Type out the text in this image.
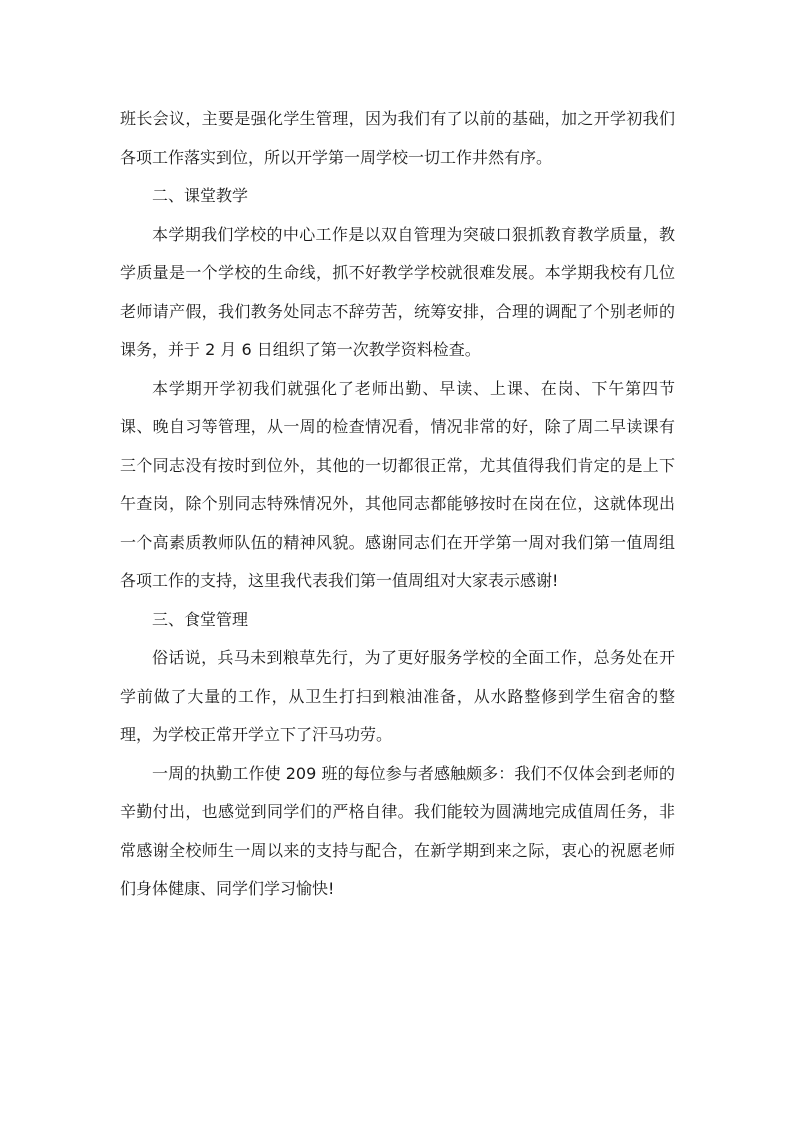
班长会议，主要是强化学生管理，因为我们有了以前的基础，加之开学初我们各项工作落实到位，所以开学第一周学校一切工作井然有序。

二、课堂教学

本学期我们学校的中心工作是以双自管理为突破口狠抓教育教学质量，教学质量是一个学校的生命线，抓不好教学学校就很难发展。本学期我校有几位老师请产假，我们教务处同志不辞劳苦，统筹安排，合理的调配了个别老师的课务，并于 2 月 6 日组织了第一次教学资料检查。

本学期开学初我们就强化了老师出勤、早读、上课、在岗、下午第四节课、晚自习等管理，从一周的检查情况看，情况非常的好，除了周二早读课有三个同志没有按时到位外，其他的一切都很正常，尤其值得我们肯定的是上下午查岗，除个别同志特殊情况外，其他同志都能够按时在岗在位，这就体现出一个高素质教师队伍的精神风貌。感谢同志们在开学第一周对我们第一值周组各项工作的支持，这里我代表我们第一值周组对大家表示感谢!

三、食堂管理

俗话说，兵马未到粮草先行，为了更好服务学校的全面工作，总务处在开学前做了大量的工作，从卫生打扫到粮油准备，从水路整修到学生宿舍的整理，为学校正常开学立下了汗马功劳。

一周的执勤工作使 209 班的每位参与者感触颇多：我们不仅体会到老师的辛勤付出，也感觉到同学们的严格自律。我们能较为圆满地完成值周任务，非常感谢全校师生一周以来的支持与配合，在新学期到来之际，衷心的祝愿老师们身体健康、同学们学习愉快!
